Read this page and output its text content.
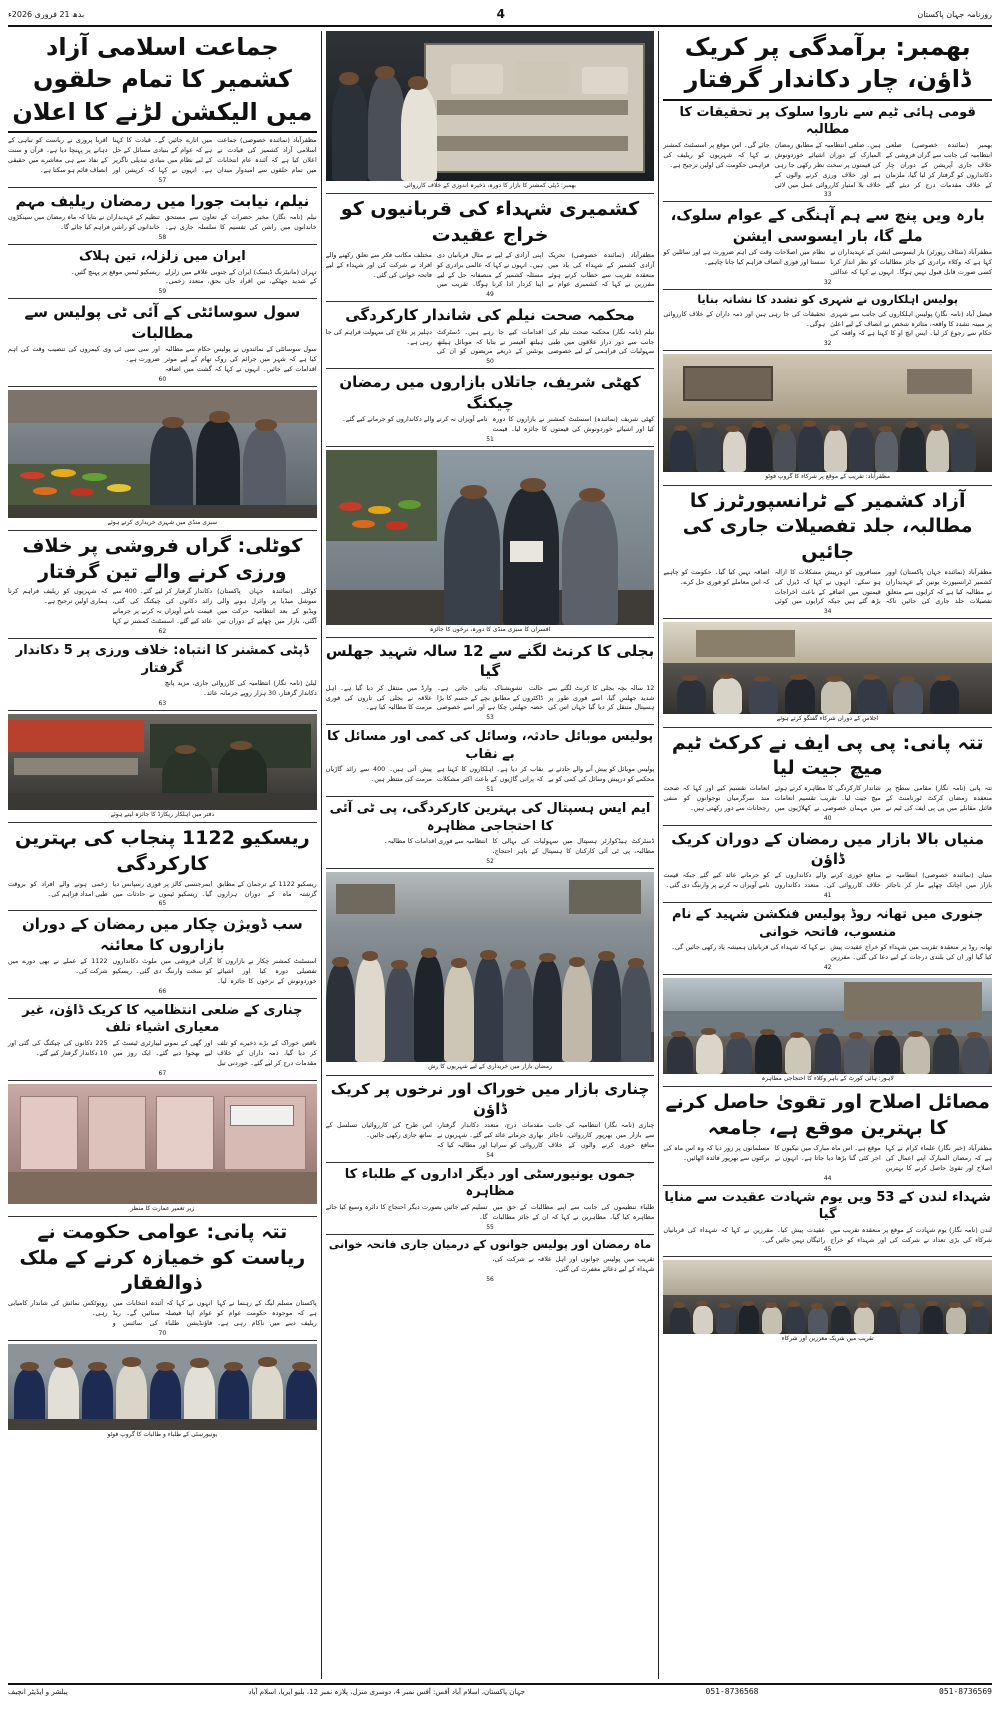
بدھ 21 فروری 2026ء	4	روزنامہ جہان پاکستان
بھمبر: برآمدگی پر کریک ڈاؤن، چار دکاندار گرفتار
قومی ہائی ٹیم سے ناروا سلوک پر تحقیقات کا مطالبہ
بھمبر (نمائندہ خصوصی) ضلعی انتظامیہ کی جانب سے گراں فروشی کے خلاف جاری آپریشن کے دوران چار دکانداروں کو گرفتار کر لیا گیا، ملزمان کے خلاف مقدمات درج کر دیئے گئے ہیں۔ ضلعی انتظامیہ کے مطابق رمضان المبارک کے دوران اشیائے خوردونوش کی قیمتوں پر سخت نظر رکھی جا رہی ہے اور خلاف ورزی کرنے والوں کے خلاف بلا امتیاز کارروائی عمل میں لائی جائے گی۔ اس موقع پر اسسٹنٹ کمشنر نے کہا کہ شہریوں کو ریلیف کی فراہمی حکومت کی اولین ترجیح ہے۔
33
بارہ ویں پنچ سے ہم آہنگی کے عوام سلوک، ملے گا، بار ایسوسی ایشن
مظفرآباد (سٹاف رپورٹر) بار ایسوسی ایشن کے عہدیداران نے کہا ہے کہ وکلاء برادری کے جائز مطالبات کو نظر انداز کرنا کسی صورت قابل قبول نہیں ہوگا۔ انہوں نے کہا کہ عدالتی نظام میں اصلاحات وقت کی اہم ضرورت ہے اور سائلین کو سستا اور فوری انصاف فراہم کیا جانا چاہیے۔
32
پولیس اہلکاروں نے شہری کو تشدد کا نشانہ بنایا
فیصل آباد (نامہ نگار) پولیس اہلکاروں کی جانب سے شہری پر مبینہ تشدد کا واقعہ، متاثرہ شخص نے انصاف کے لیے اعلیٰ حکام سے رجوع کر لیا۔ ایس ایچ او کا کہنا ہے کہ واقعہ کی تحقیقات کی جا رہی ہیں اور ذمہ داران کے خلاف کارروائی ہوگی۔
32
مظفرآباد: تقریب کے موقع پر شرکاء کا گروپ فوٹو
آزاد کشمیر کے ٹرانسپورٹرز کا مطالبہ، جلد تفصیلات جاری کی جائیں
مظفرآباد (نمائندہ جہان پاکستان) اوور کشمیر ٹرانسپورٹ یونین کے عہدیداران نے مطالبہ کیا ہے کہ کرایوں سے متعلق تفصیلات جلد جاری کی جائیں تاکہ مسافروں کو درپیش مشکلات کا ازالہ ہو سکے۔ انہوں نے کہا کہ ڈیزل کی قیمتوں میں اضافے کے باعث اخراجات بڑھ گئے ہیں جبکہ کرایوں میں کوئی اضافہ نہیں کیا گیا۔ حکومت کو چاہیے کہ اس معاملے کو فوری حل کرے۔
34
اجلاس کے دوران شرکاء گفتگو کرتے ہوئے
تتہ پانی: پی پی ایف نے کرکٹ ٹیم میچ جیت لیا
تتہ پانی (نامہ نگار) مقامی سطح پر منعقدہ رمضان کرکٹ ٹورنامنٹ کے فائنل مقابلے میں پی پی ایف کی ٹیم نے شاندار کارکردگی کا مظاہرہ کرتے ہوئے میچ جیت لیا۔ تقریب تقسیم انعامات میں مہمان خصوصی نے کھلاڑیوں میں انعامات تقسیم کیے اور کہا کہ صحت مند سرگرمیاں نوجوانوں کو منفی رجحانات سے دور رکھتی ہیں۔
40
منیاں بالا بازار میں رمضان کے دوران کریک ڈاؤن
منیاں (نمائندہ خصوصی) انتظامیہ نے بازار میں اچانک چھاپے مار کر ناجائز منافع خوری کرنے والے دکانداروں کے خلاف کارروائی کی۔ متعدد دکانداروں کو جرمانے عائد کیے گئے جبکہ قیمت نامے آویزاں نہ کرنے پر وارننگ دی گئی۔
41
جنوری میں تھانہ روڈ پولیس فنکشن شہید کے نام منسوب، فاتحہ خوانی
تھانہ روڈ پر منعقدہ تقریب میں شہداء کو خراج عقیدت پیش کیا گیا اور ان کی بلندی درجات کے لیے دعا کی گئی۔ مقررین نے کہا کہ شہداء کی قربانیاں ہمیشہ یاد رکھی جائیں گی۔
42
لاہور: ہائی کورٹ کے باہر وکلاء کا احتجاجی مظاہرہ
مصائل اصلاح اور تقویٰ حاصل کرنے کا بہترین موقع ہے، جامعہ
مظفرآباد (خبر نگار) علماء کرام نے کہا ہے کہ رمضان المبارک اپنے اعمال کی اصلاح اور تقویٰ حاصل کرنے کا بہترین موقع ہے۔ اس ماہ مبارک میں نیکیوں کا اجر کئی گنا بڑھا دیا جاتا ہے۔ انہوں نے مسلمانوں پر زور دیا کہ وہ اس ماہ کی برکتوں سے بھرپور فائدہ اٹھائیں۔
44
شہداء لندن کے 53 ویں یوم شہادت عقیدت سے منایا گیا
لندن (نامہ نگار) یوم شہادت کے موقع پر منعقدہ تقریب میں شرکاء کی بڑی تعداد نے شرکت کی اور شہداء کو خراج عقیدت پیش کیا۔ مقررین نے کہا کہ شہداء کی قربانیاں رائیگاں نہیں جائیں گی۔
45
تقریب میں شریک معززین اور شرکاء
بھمبر: ڈپٹی کمشنر کا بازار کا دورہ، ذخیرہ اندوزی کے خلاف کارروائی
کشمیری شہداء کی قربانیوں کو خراج عقیدت
مظفرآباد (نمائندہ خصوصی) تحریک آزادی کشمیر کے شہداء کی یاد میں منعقدہ تقریب سے خطاب کرتے ہوئے مقررین نے کہا کہ کشمیری عوام نے اپنی آزادی کے لیے بے مثال قربانیاں دی ہیں۔ انہوں نے کہا کہ عالمی برادری کو مسئلہ کشمیر کے منصفانہ حل کے لیے اپنا کردار ادا کرنا ہوگا۔ تقریب میں مختلف مکاتب فکر سے تعلق رکھنے والے افراد نے شرکت کی اور شہداء کے لیے فاتحہ خوانی کی گئی۔
49
محکمہ صحت نیلم کی شاندار کارکردگی
نیلم (نامہ نگار) محکمہ صحت نیلم کی جانب سے دور دراز علاقوں میں طبی سہولیات کی فراہمی کے لیے خصوصی اقدامات کیے جا رہے ہیں۔ ڈسٹرکٹ ہیلتھ آفیسر نے بتایا کہ موبائل ہیلتھ یونٹس کے ذریعے مریضوں کو ان کی دہلیز پر علاج کی سہولت فراہم کی جا رہی ہے۔
50
کھٹی شریف، جاتلاں بازاروں میں رمضان چیکنگ
کھٹی شریف (نمائندہ) اسسٹنٹ کمشنر نے بازاروں کا دورہ کیا اور اشیائے خوردونوش کی قیمتوں کا جائزہ لیا۔ قیمت نامے آویزاں نہ کرنے والے دکانداروں کو جرمانے کیے گئے۔
51
افسران کا سبزی منڈی کا دورہ، نرخوں کا جائزہ
بجلی کا کرنٹ لگنے سے 12 سالہ شہید جھلس گیا
12 سالہ بچہ بجلی کا کرنٹ لگنے سے شدید جھلس گیا، اسے فوری طور پر ہسپتال منتقل کر دیا گیا جہاں اس کی حالت تشویشناک بتائی جاتی ہے۔ ڈاکٹروں کے مطابق بچے کے جسم کا بڑا حصہ جھلس چکا ہے اور اسے خصوصی وارڈ میں منتقل کر دیا گیا ہے۔ اہل علاقہ نے بجلی کی تاروں کی فوری مرمت کا مطالبہ کیا ہے۔
53
پولیس موبائل حادثہ، وسائل کی کمی اور مسائل کا بے نقاب
پولیس موبائل کو پیش آنے والے حادثے نے محکمے کو درپیش وسائل کی کمی کو بے نقاب کر دیا ہے۔ اہلکاروں کا کہنا ہے کہ پرانی گاڑیوں کے باعث اکثر مشکلات پیش آتی ہیں۔ 400 سے زائد گاڑیاں مرمت کی منتظر ہیں۔
51
ایم ایس ہسپتال کی بہترین کارکردگی، پی ٹی آئی کا احتجاجی مظاہرہ
ڈسٹرکٹ ہیڈکوارٹر ہسپتال میں سہولیات کی بہالی کا مطالبہ، پی ٹی آئی کارکنان کا ہسپتال کے باہر احتجاج، انتظامیہ سے فوری اقدامات کا مطالبہ۔
52
رمضان بازار میں خریداری کے لیے شہریوں کا رش
چناری بازار میں خوراک اور نرخوں پر کریک ڈاؤن
چناری (نامہ نگار) انتظامیہ کی جانب سے بازار میں بھرپور کارروائی، ناجائز منافع خوری کرنے والوں کے خلاف مقدمات درج، متعدد دکاندار گرفتار، بھاری جرمانے عائد کیے گئے۔ شہریوں نے کارروائی کو سراہا اور مطالبہ کیا کہ اس طرح کی کارروائیاں تسلسل کے ساتھ جاری رکھی جائیں۔
54
جموں یونیورسٹی اور دیگر اداروں کے طلباء کا مظاہرہ
طلباء تنظیموں کی جانب سے اپنے مطالبات کے حق میں مظاہرہ کیا گیا۔ مظاہرین نے کہا کہ ان کے جائز مطالبات تسلیم کیے جائیں بصورت دیگر احتجاج کا دائرہ وسیع کیا جائے گا۔
55
ماہ رمضان اور پولیس جوانوں کے درمیان جاری فاتحہ خوانی
تقریب میں پولیس جوانوں اور اہل علاقہ نے شرکت کی، شہداء کے لیے دعائے مغفرت کی گئی۔
56
جماعت اسلامی آزاد کشمیر کا تمام حلقوں میں الیکشن لڑنے کا اعلان
مظفرآباد (نمائندہ خصوصی) جماعت اسلامی آزاد کشمیر کی قیادت نے اعلان کیا ہے کہ آئندہ عام انتخابات میں تمام حلقوں سے امیدوار میدان میں اتارے جائیں گے۔ قیادت کا کہنا ہے کہ عوام کے بنیادی مسائل کے حل کے لیے نظام میں بنیادی تبدیلی ناگزیر ہے۔ انہوں نے کہا کہ کرپشن اور اقربا پروری نے ریاست کو تباہی کے دہانے پر پہنچا دیا ہے۔ قرآن و سنت کے نفاذ سے ہی معاشرے میں حقیقی انصاف قائم ہو سکتا ہے۔
57
نیلم، نیابت جورا میں رمضان ریلیف مہم
نیلم (نامہ نگار) مخیر حضرات کے تعاون سے مستحق خاندانوں میں راشن کی تقسیم کا سلسلہ جاری ہے۔ تنظیم کے عہدیداران نے بتایا کہ ماہ رمضان میں سینکڑوں خاندانوں کو راشن فراہم کیا جائے گا۔
58
ایران میں زلزلہ، تین ہلاک
تہران (مانیٹرنگ ڈیسک) ایران کے جنوبی علاقے میں زلزلے کے شدید جھٹکے، تین افراد جاں بحق، متعدد زخمی۔ ریسکیو ٹیمیں موقع پر پہنچ گئیں۔
59
سول سوسائٹی کے آئی ٹی پولیس سے مطالبات
سول سوسائٹی کے نمائندوں نے پولیس حکام سے مطالبہ کیا ہے کہ شہر میں جرائم کی روک تھام کے لیے موثر اقدامات کیے جائیں۔ انہوں نے کہا کہ گشت میں اضافہ اور سی سی ٹی وی کیمروں کی تنصیب وقت کی اہم ضرورت ہے۔
60
سبزی منڈی میں شہری خریداری کرتے ہوئے
کوٹلی: گراں فروشی پر خلاف ورزی کرنے والے تین گرفتار
کوٹلی (نمائندہ جہان پاکستان) سوشل میڈیا پر وائرل ہونے والی ویڈیو کے بعد انتظامیہ حرکت میں آگئی، بازار میں چھاپے کے دوران تین دکاندار گرفتار کر لیے گئے۔ 400 سے زائد دکانوں کی چیکنگ کی گئی، قیمت نامے آویزاں نہ کرنے پر جرمانے عائد کیے گئے۔ اسسٹنٹ کمشنر نے کہا کہ شہریوں کو ریلیف فراہم کرنا ہماری اولین ترجیح ہے۔
62
ڈپٹی کمشنر کا انتباہ: خلاف ورزی پر 5 دکاندار گرفتار
لیلیٰ (نامہ نگار) انتظامیہ کی کارروائی جاری، مزید پانچ دکاندار گرفتار، 30 ہزار روپے جرمانہ عائد۔
63
دفتر میں اہلکار ریکارڈ کا جائزہ لیتے ہوئے
ریسکیو 1122 پنجاب کی بہترین کارکردگی
ریسکیو 1122 کے ترجمان کے مطابق گزشتہ ماہ کے دوران ہزاروں ایمرجنسی کالز پر فوری رسپانس دیا گیا۔ ریسکیو ٹیموں نے حادثات میں زخمی ہونے والے افراد کو بروقت طبی امداد فراہم کی۔
65
سب ڈویژن چکار میں رمضان کے دوران بازاروں کا معائنہ
اسسٹنٹ کمشنر چکار نے بازاروں کا تفصیلی دورہ کیا اور اشیائے خوردونوش کے نرخوں کا جائزہ لیا۔ گراں فروشی میں ملوث دکانداروں کو سخت وارننگ دی گئی۔ ریسکیو 1122 کے عملے نے بھی دورے میں شرکت کی۔
66
چناری کے ضلعی انتظامیہ کا کریک ڈاؤن، غیر معیاری اشیاء تلف
ناقص خوراک کے بڑے ذخیرے کو تلف کر دیا گیا، ذمہ داران کے خلاف مقدمات درج کر لیے گئے۔ خوردنی تیل اور گھی کے نمونے لیبارٹری ٹیسٹ کے لیے بھجوا دیے گئے۔ ایک روز میں 225 دکانوں کی چیکنگ کی گئی اور 10 دکاندار گرفتار کیے گئے۔
67
زیر تعمیر عمارت کا منظر
تتہ پانی: عوامی حکومت نے ریاست کو خمیازہ کرنے کے ملک ذوالفقار
پاکستان مسلم لیگ کے رہنما نے کہا ہے کہ موجودہ حکومت عوام کو ریلیف دینے میں ناکام رہی ہے۔ انہوں نے کہا کہ آئندہ انتخابات میں عوام اپنا فیصلہ سنائیں گے۔ ریڈ فاؤنڈیشن طلباء کی سائنس و روبوٹکس نمائش کی شاندار کامیابی رہی۔
70
یونیورسٹی کے طلباء و طالبات کا گروپ فوٹو
051-8736569
051-8736568
جہان پاکستان، اسلام آباد آفس: آفس نمبر 4، دوسری منزل، پلازہ نمبر 12، بلیو ایریا، اسلام آباد
پبلشر و ایڈیٹر انچیف
